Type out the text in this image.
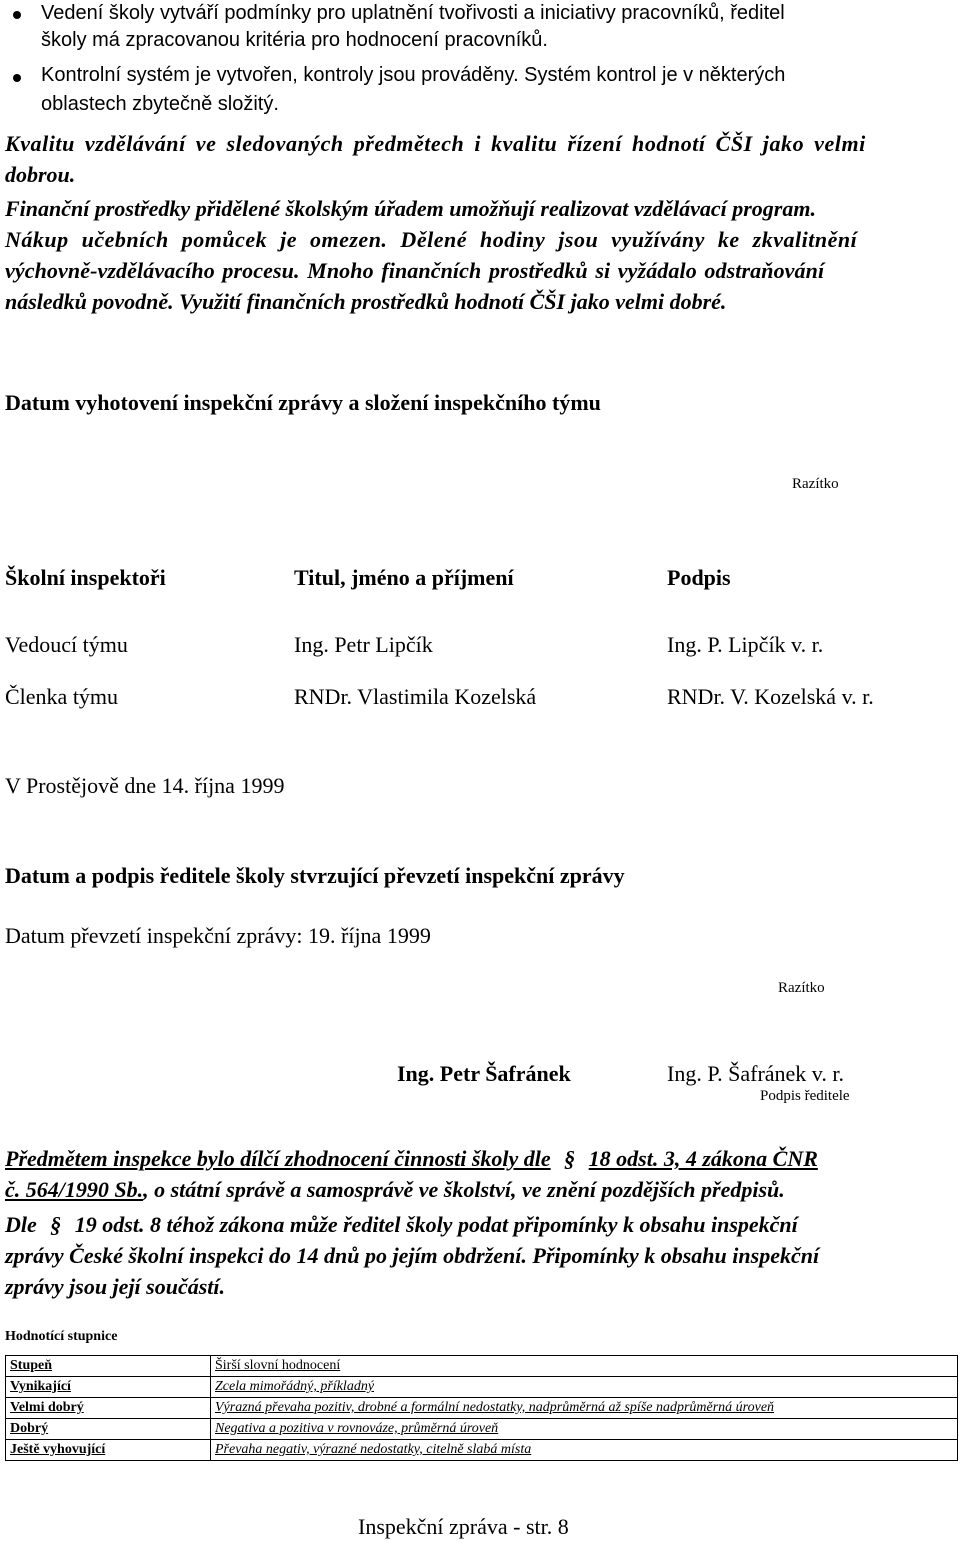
Vedení školy vytváří podmínky pro uplatnění tvořivosti a iniciativy pracovníků, ředitel
školy má zpracovanou kritéria pro hodnocení pracovníků.
Kontrolní systém je vytvořen, kontroly jsou prováděny. Systém kontrol je v některých
oblastech zbytečně složitý.
Kvalitu vzdělávání ve sledovaných předmětech i kvalitu řízení hodnotí ČŠI jako velmi
dobrou.
Finanční prostředky přidělené školským úřadem umožňují realizovat vzdělávací program.
Nákup učebních pomůcek je omezen. Dělené hodiny jsou využívány ke zkvalitnění
výchovně-vzdělávacího procesu. Mnoho finančních prostředků si vyžádalo odstraňování
následků povodně. Využití finančních prostředků hodnotí ČŠI jako velmi dobré.
Datum vyhotovení inspekční zprávy a složení inspekčního týmu
Razítko
Školní inspektoři	Titul, jméno a příjmení	Podpis
Vedoucí týmu	Ing. Petr Lipčík	Ing. P. Lipčík v. r.
Členka týmu	RNDr. Vlastimila Kozelská	RNDr. V. Kozelská v. r.
V Prostějově dne 14. října 1999
Datum a podpis ředitele školy stvrzující převzetí inspekční zprávy
Datum převzetí inspekční zprávy: 19. října 1999
Razítko
Ing. Petr Šafránek	Ing. P. Šafránek v. r.
Podpis ředitele
Předmětem inspekce bylo dílčí zhodnocení činnosti školy dle § 18 odst. 3, 4 zákona ČNR
č. 564/1990 Sb., o státní správě a samosprávě ve školství, ve znění pozdějších předpisů.
Dle § 19 odst. 8 téhož zákona může ředitel školy podat připomínky k obsahu inspekční
zprávy České školní inspekci do 14 dnů po jejím obdržení. Připomínky k obsahu inspekční
zprávy jsou její součástí.
Hodnotící stupnice
Stupeň	Širší slovní hodnocení
Vynikající	Zcela mimořádný, příkladný
Velmi dobrý	Výrazná převaha pozitiv, drobné a formální nedostatky, nadprůměrná až spíše nadprůměrná úroveň
Dobrý	Negativa a pozitiva v rovnováze, průměrná úroveň
Ještě vyhovující	Převaha negativ, výrazné nedostatky, citelně slabá místa
Inspekční zpráva - str. 8
